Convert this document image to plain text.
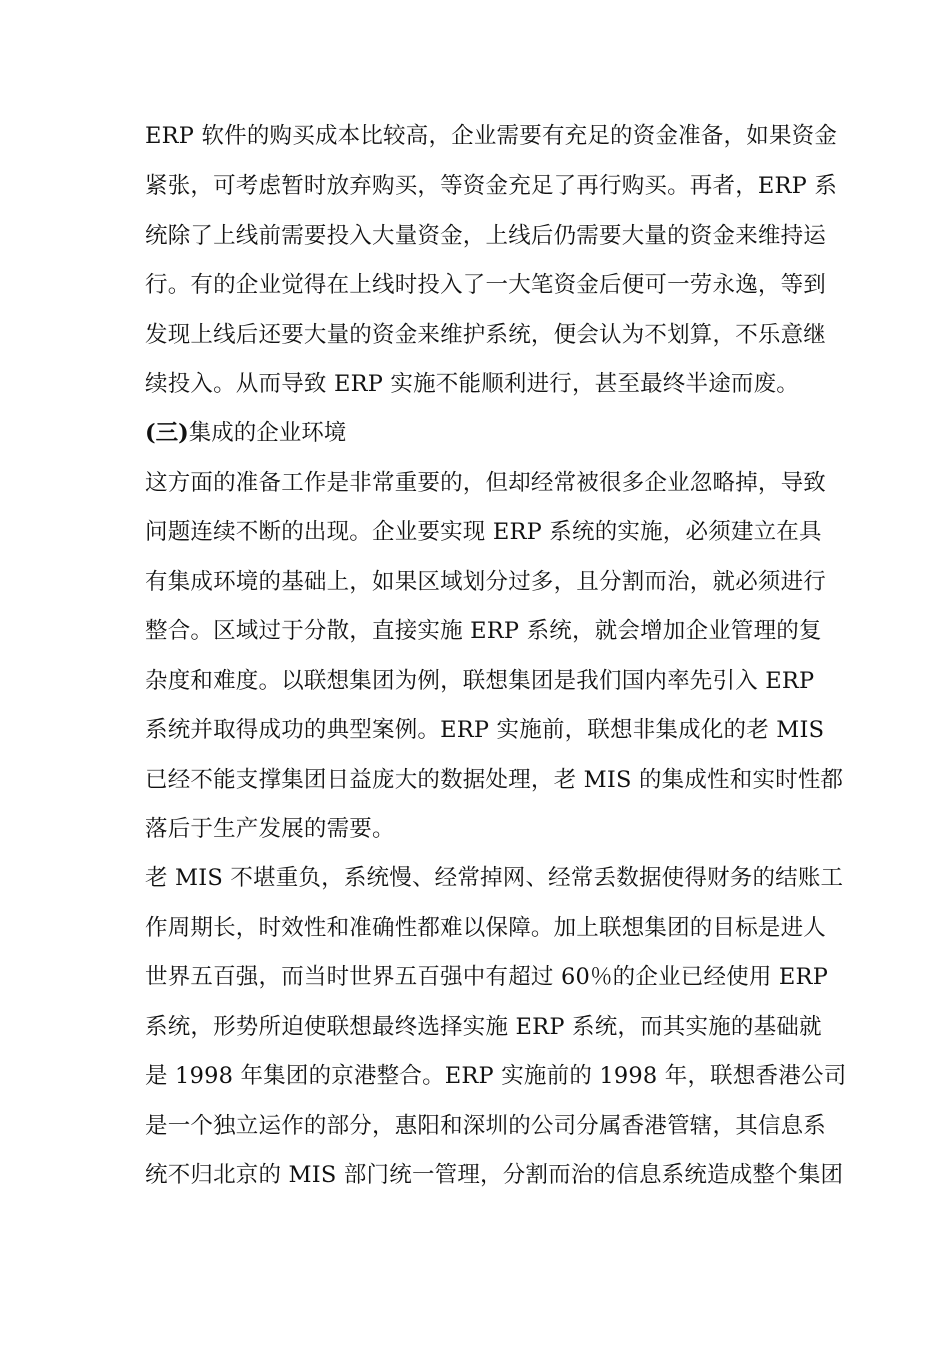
ERP 软件的购买成本比较高，企业需要有充足的资金准备，如果资金
紧张，可考虑暂时放弃购买，等资金充足了再行购买。再者，ERP 系
统除了上线前需要投入大量资金，上线后仍需要大量的资金来维持运
行。有的企业觉得在上线时投入了一大笔资金后便可一劳永逸，等到
发现上线后还要大量的资金来维护系统，便会认为不划算，不乐意继
续投入。从而导致 ERP 实施不能顺利进行，甚至最终半途而废。
(三)集成的企业环境
这方面的准备工作是非常重要的，但却经常被很多企业忽略掉，导致
问题连续不断的出现。企业要实现 ERP 系统的实施，必须建立在具
有集成环境的基础上，如果区域划分过多，且分割而治，就必须进行
整合。区域过于分散，直接实施 ERP 系统，就会增加企业管理的复
杂度和难度。以联想集团为例，联想集团是我们国内率先引入 ERP
系统并取得成功的典型案例。ERP 实施前，联想非集成化的老 MIS
已经不能支撑集团日益庞大的数据处理，老 MIS 的集成性和实时性都
落后于生产发展的需要。
老 MIS 不堪重负，系统慢、经常掉网、经常丢数据使得财务的结账工
作周期长，时效性和准确性都难以保障。加上联想集团的目标是进人
世界五百强，而当时世界五百强中有超过 60％的企业已经使用 ERP
系统，形势所迫使联想最终选择实施 ERP 系统，而其实施的基础就
是 1998 年集团的京港整合。ERP 实施前的 1998 年，联想香港公司
是一个独立运作的部分，惠阳和深圳的公司分属香港管辖，其信息系
统不归北京的 MIS 部门统一管理，分割而治的信息系统造成整个集团
